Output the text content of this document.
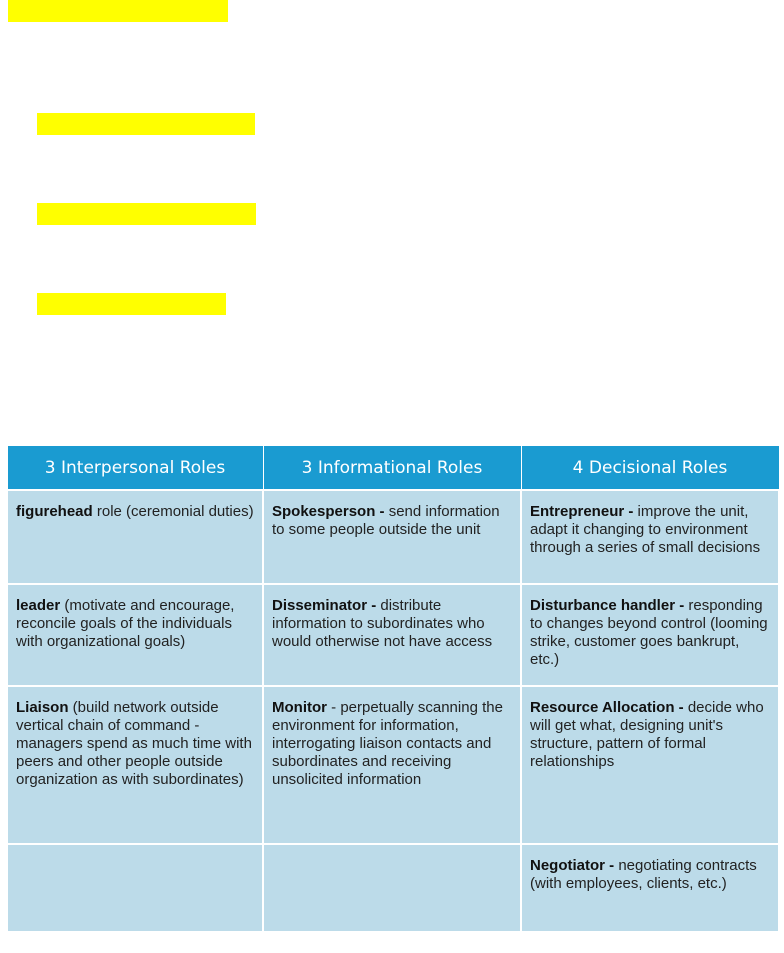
3 Interpersonal Roles	3 Informational Roles	4 Decisional Roles
figurehead role (ceremonial duties)	Spokesperson - send information to some people outside the unit	Entrepreneur - improve the unit, adapt it changing to environment through a series of small decisions
leader (motivate and encourage, reconcile goals of the individuals with organizational goals)	Disseminator - distribute information to subordinates who would otherwise not have access	Disturbance handler - responding to changes beyond control (looming strike, customer goes bankrupt, etc.)
Liaison (build network outside vertical chain of command - managers spend as much time with peers and other people outside organization as with subordinates)	Monitor - perpetually scanning the environment for information, interrogating liaison contacts and subordinates and receiving unsolicited information	Resource Allocation - decide who will get what, designing unit's structure, pattern of formal relationships
		Negotiator - negotiating contracts (with employees, clients, etc.)
